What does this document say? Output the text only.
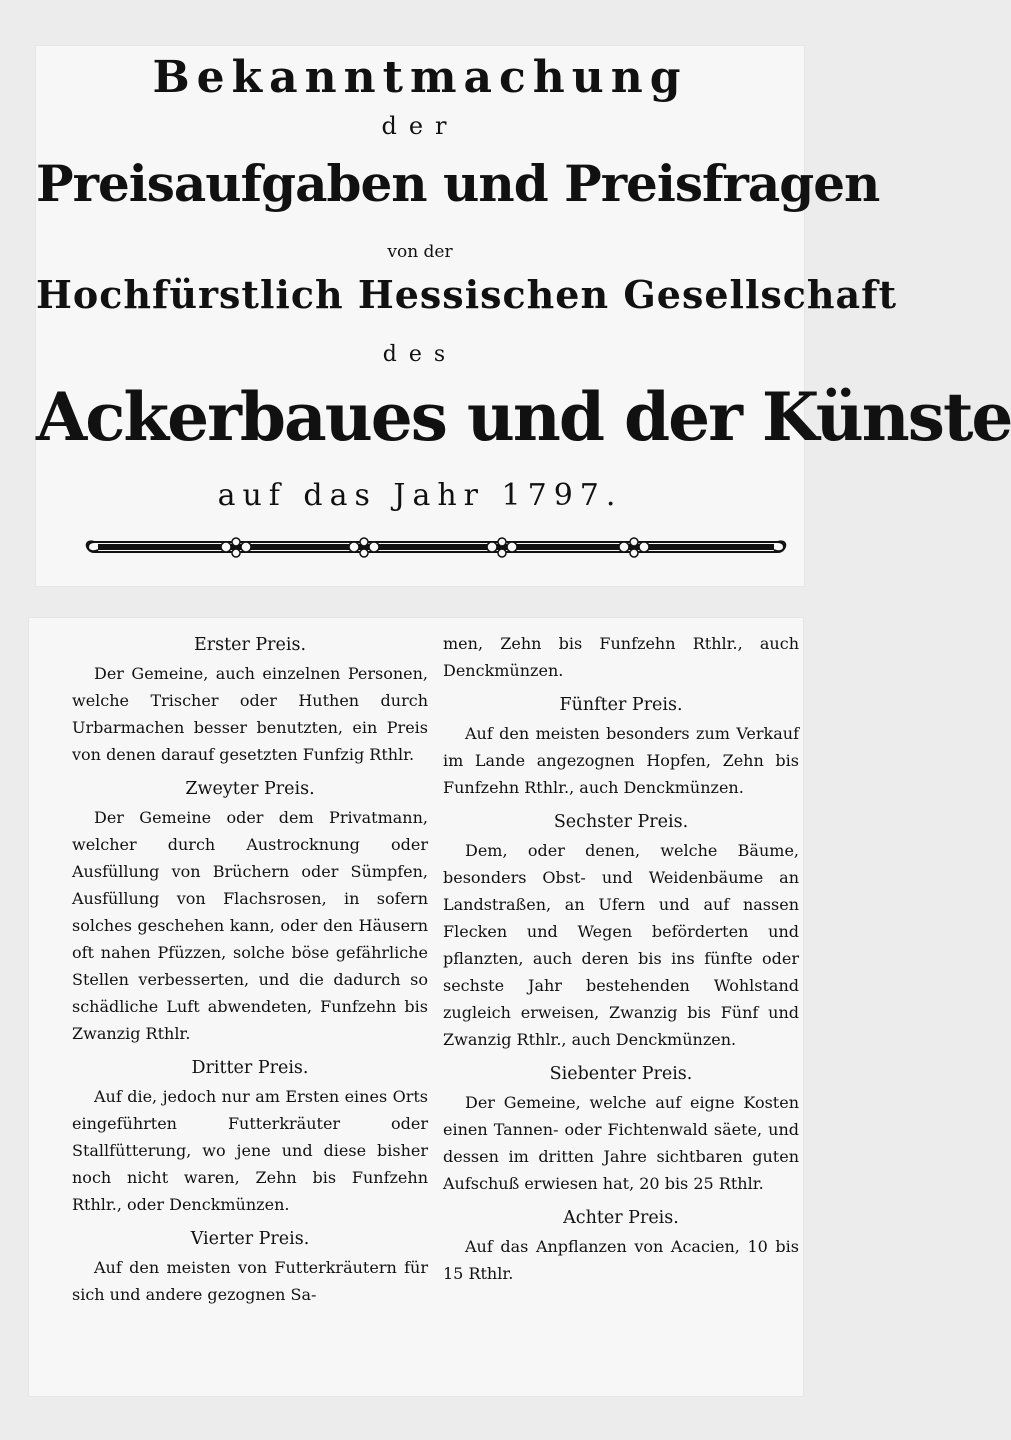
Bekanntmachung
der
Preisaufgaben und Preisfragen
von der
Hochfürstlich Hessischen Gesellschaft
des
Ackerbaues und der Künste
auf das Jahr 1797.

Erster Preis.

Der Gemeine, auch einzelnen Personen, welche Trischer oder Huthen durch Urbarmachen besser benutzten, ein Preis von denen darauf gesetzten Funfzig Rthlr.

Zweyter Preis.

Der Gemeine oder dem Privatmann, welcher durch Austrocknung oder Ausfüllung von Brüchern oder Sümpfen, Ausfüllung von Flachsrosen, in sofern solches geschehen kann, oder den Häusern oft nahen Pfüzzen, solche böse gefährliche Stellen verbesserten, und die dadurch so schädliche Luft abwendeten, Funfzehn bis Zwanzig Rthlr.

Dritter Preis.

Auf die, jedoch nur am Ersten eines Orts eingeführten Futterkräuter oder Stallfütterung, wo jene und diese bisher noch nicht waren, Zehn bis Funfzehn Rthlr., oder Denckmünzen.

Vierter Preis.

Auf den meisten von Futterkräutern für sich und andere gezognen Sa-

men, Zehn bis Funfzehn Rthlr., auch Denckmünzen.

Fünfter Preis.

Auf den meisten besonders zum Verkauf im Lande angezognen Hopfen, Zehn bis Funfzehn Rthlr., auch Denckmünzen.

Sechster Preis.

Dem, oder denen, welche Bäume, besonders Obst- und Weidenbäume an Landstraßen, an Ufern und auf nassen Flecken und Wegen beförderten und pflanzten, auch deren bis ins fünfte oder sechste Jahr bestehenden Wohlstand zugleich erweisen, Zwanzig bis Fünf und Zwanzig Rthlr., auch Denckmünzen.

Siebenter Preis.

Der Gemeine, welche auf eigne Kosten einen Tannen- oder Fichtenwald säete, und dessen im dritten Jahre sichtbaren guten Aufschuß erwiesen hat, 20 bis 25 Rthlr.

Achter Preis.

Auf das Anpflanzen von Acacien, 10 bis 15 Rthlr.
